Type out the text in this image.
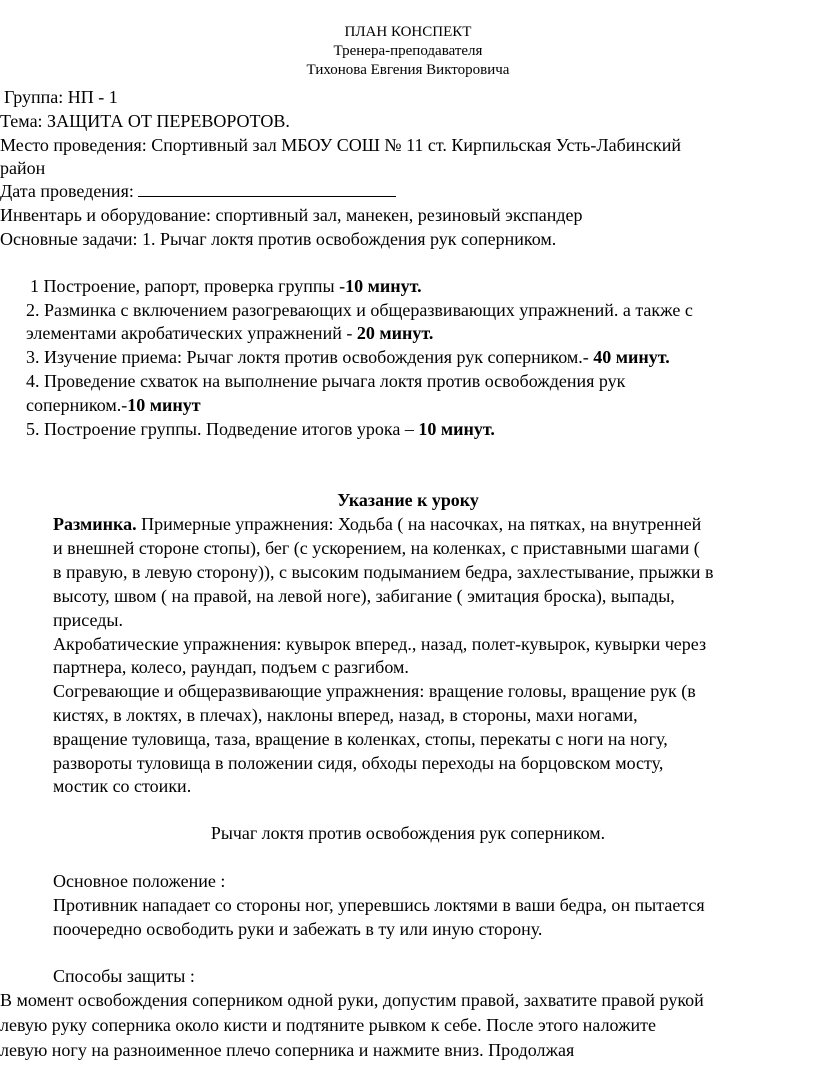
ПЛАН КОНСПЕКТ
Тренера-преподавателя
Тихонова Евгения Викторовича
Группа: НП - 1
Тема: ЗАЩИТА ОТ ПЕРЕВОРОТОВ.
Место проведения: Спортивный зал МБОУ СОШ № 11 ст. Кирпильская Усть-Лабинский
район
Дата проведения:
Инвентарь и оборудование: спортивный зал, манекен, резиновый экспандер
Основные задачи: 1. Рычаг локтя против освобождения рук соперником.
1 Построение, рапорт, проверка группы -10 минут.
2. Разминка с включением разогревающих и общеразвивающих упражнений. а также с
элементами акробатических упражнений - 20 минут.
3. Изучение приема: Рычаг локтя против освобождения рук соперником.- 40 минут.
4. Проведение схваток на выполнение рычага локтя против освобождения рук
соперником.-10 минут
5. Построение группы. Подведение итогов урока – 10 минут.
Указание к уроку
Разминка. Примерные упражнения: Ходьба ( на насочках, на пятках, на внутренней
и внешней стороне стопы), бег (с ускорением, на коленках, с приставными шагами (
в правую, в левую сторону)), с высоким подыманием бедра, захлестывание, прыжки в
высоту, швом ( на правой, на левой ноге), забигание ( эмитация броска), выпады,
приседы.
Акробатические упражнения: кувырок вперед., назад, полет-кувырок, кувырки через
партнера, колесо, раундап, подъем с разгибом.
Согревающие и общеразвивающие упражнения: вращение головы, вращение рук (в
кистях, в локтях, в плечах), наклоны вперед, назад, в стороны, махи ногами,
вращение туловища, таза, вращение в коленках, стопы, перекаты с ноги на ногу,
развороты туловища в положении сидя, обходы переходы на борцовском мосту,
мостик со стоики.
Рычаг локтя против освобождения рук соперником.
Основное положение :
Противник нападает со стороны ног, уперевшись локтями в ваши бедра, он пытается
поочередно освободить руки и забежать в ту или иную сторону.
Способы защиты :
В момент освобождения соперником одной руки, допустим правой, захватите правой рукой
левую руку соперника около кисти и подтяните рывком к себе. После этого наложите
левую ногу на разноименное плечо соперника и нажмите вниз. Продолжая
